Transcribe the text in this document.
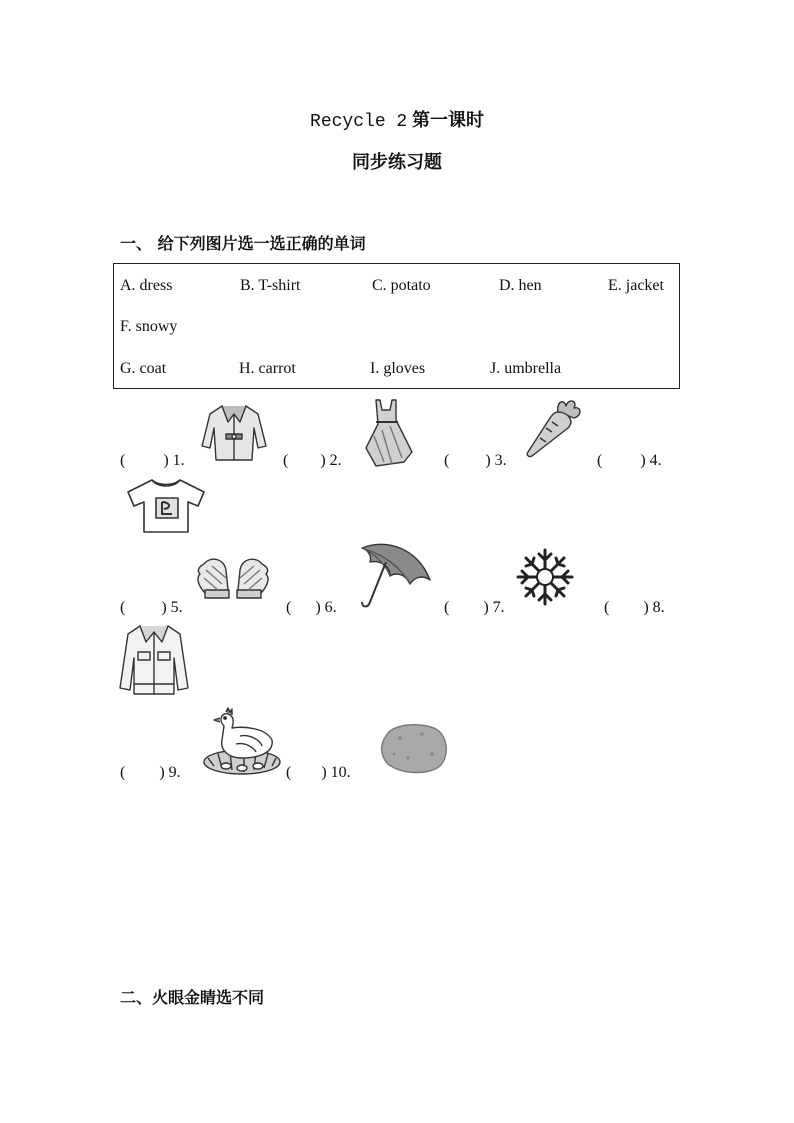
Recycle 2 第一课时
同步练习题
一、 给下列图片选一选正确的单词
A. dress	B. T-shirt	C. potato	D. hen	E. jacket
F. snowy
G. coat	H. carrot	I. gloves	J. umbrella
( ) 1.	( ) 2.	( ) 3.	( ) 4.
( ) 5.	( ) 6.	( ) 7.	( ) 8.
( ) 9.	( ) 10.
二、火眼金睛选不同
